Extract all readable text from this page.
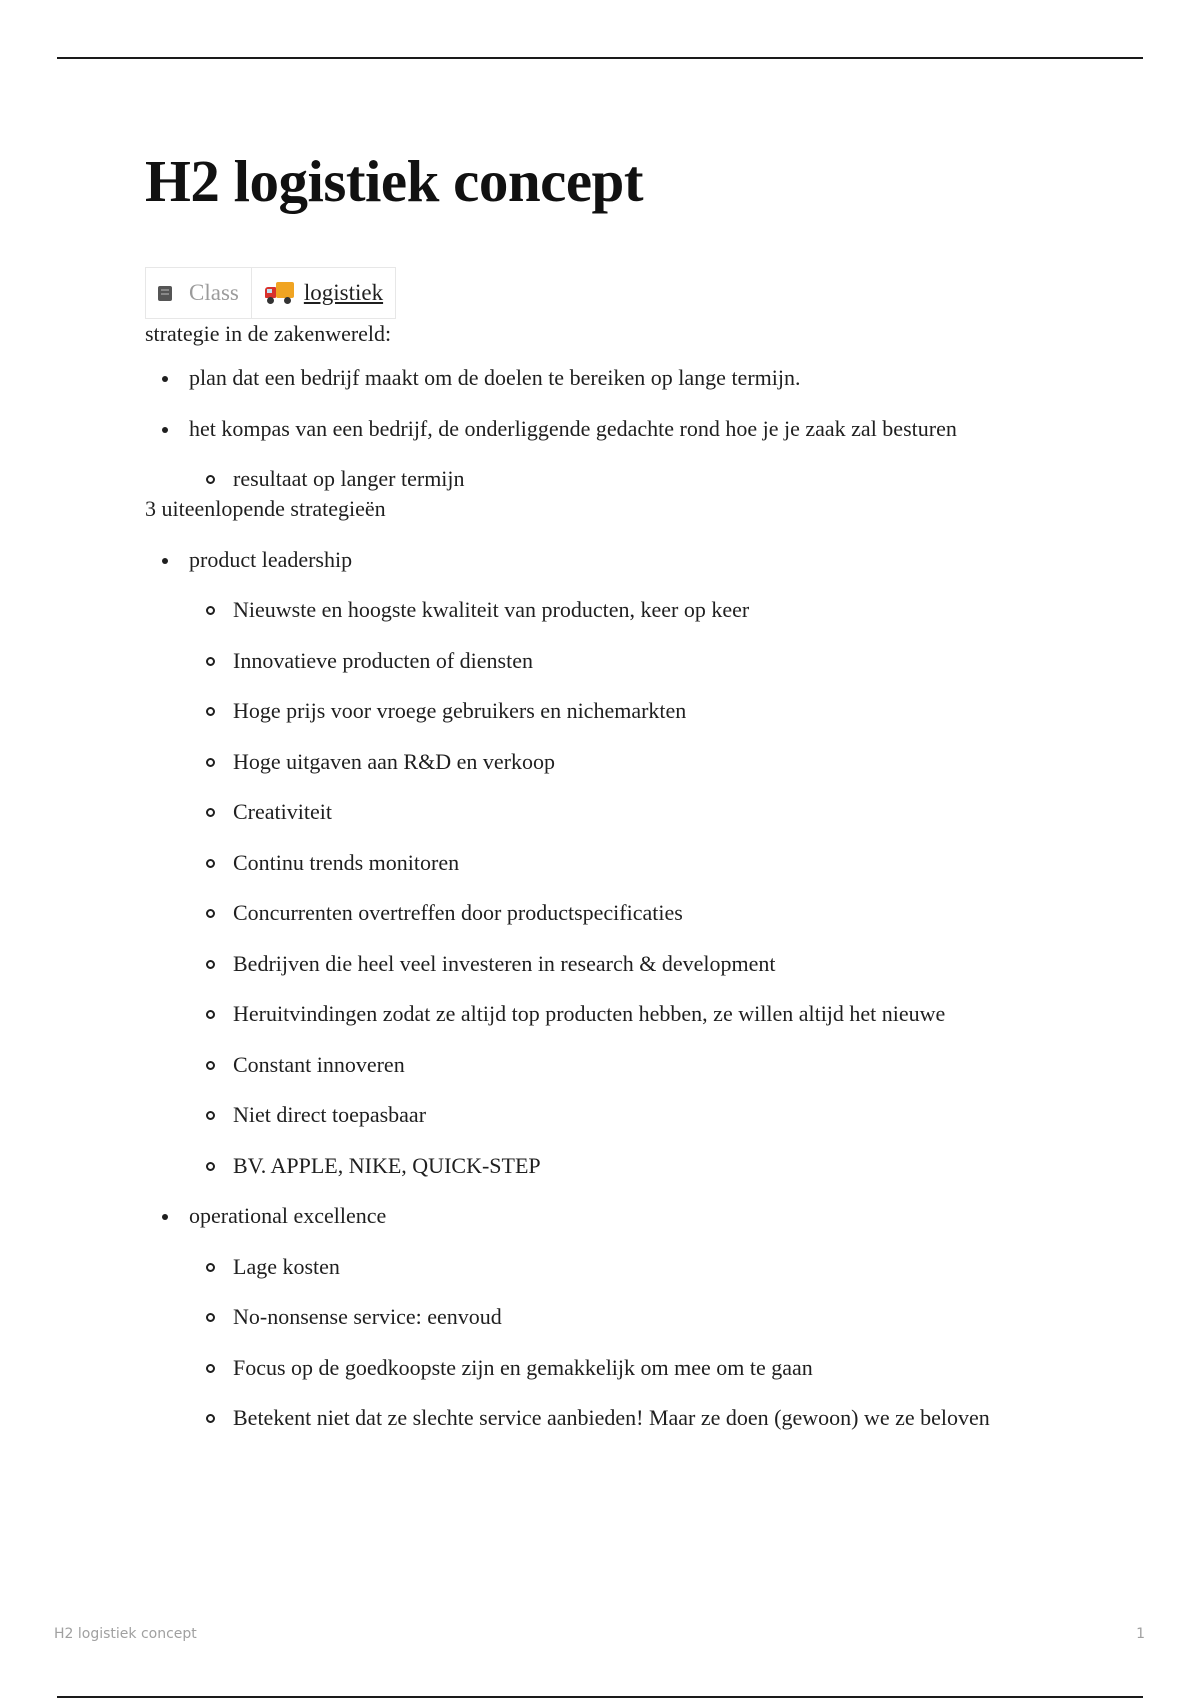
H2 logistiek concept
Class	logistiek

strategie in de zakenwereld:

plan dat een bedrijf maakt om de doelen te bereiken op lange termijn.
het kompas van een bedrijf, de onderliggende gedachte rond hoe je je zaak zal besturen
resultaat op langer termijn

3 uiteenlopende strategieën

product leadership
Nieuwste en hoogste kwaliteit van producten, keer op keer
Innovatieve producten of diensten
Hoge prijs voor vroege gebruikers en nichemarkten
Hoge uitgaven aan R&D en verkoop
Creativiteit
Continu trends monitoren
Concurrenten overtreffen door productspecificaties
Bedrijven die heel veel investeren in research & development
Heruitvindingen zodat ze altijd top producten hebben, ze willen altijd het nieuwe
Constant innoveren
Niet direct toepasbaar
BV. APPLE, NIKE, QUICK-STEP
operational excellence
Lage kosten
No-nonsense service: eenvoud
Focus op de goedkoopste zijn en gemakkelijk om mee om te gaan
Betekent niet dat ze slechte service aanbieden! Maar ze doen (gewoon) we ze beloven
H2 logistiek concept	1
